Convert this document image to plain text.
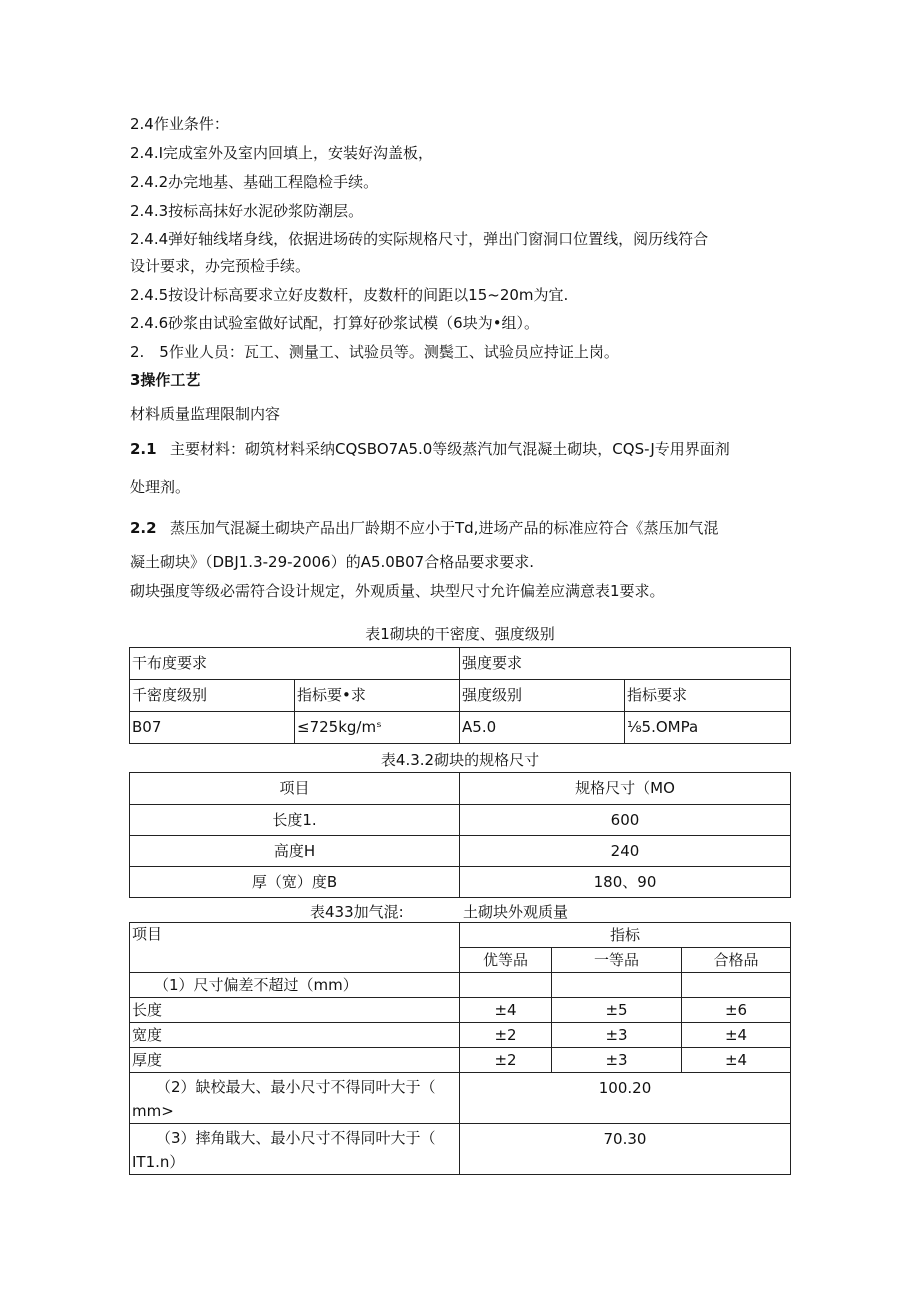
2.4作业条件：
2.4.I完成室外及室内回填上，安装好沟盖板，
2.4.2办完地基、基础工程隐检手续。
2.4.3按标高抹好水泥砂浆防潮层。
2.4.4弹好轴线堵身线，依据进场砖的实际规格尺寸，弹出门窗洞口位置线，阅历线符合
设计要求，办完预检手续。
2.4.5按设计标高要求立好皮数杆，皮数杆的间距以15~20m为宜.
2.4.6砂浆由试验室做好试配，打算好砂浆试模（6块为•组）。
2.　5作业人员：瓦工、测量工、试验员等。测鬓工、试验员应持证上岗。
3操作工艺
材料质量监理限制内容
2.1 主要材料：砌筑材料采纳CQSBO7A5.0等级蒸汽加气混凝土砌块，CQS-J专用界面剂
处理剂。
2.2 蒸压加气混凝土砌块产品出厂龄期不应小于Td,进场产品的标准应符合《蒸压加气混
凝土砌块》（DBJ1.3-29-2006）的A5.0B07合格品要求要求.
砌块强度等级必需符合设计规定，外观质量、块型尺寸允许偏差应满意表1要求。
表1砌块的干密度、强度级别
干布度要求		强度要求	
千密度级别	指标要•求	强度级别	指标要求
B07	≤725kg∕mˢ	A5.0	⅛5.OMPa
表4.3.2砌块的规格尺寸
项目	规格尺寸（MO
长度1.	600
高度H	240
厚（宽）度B	180、90
表433加气混:	土砌块外观质量
项目	指标		
	优等品	一等品	合格品
（1）尺寸偏差不超过（mm）			
长度	±4	±5	±6
宽度	±2	±3	±4
厚度	±2	±3	±4

（2）缺校最大、最小尺寸不得同叶大于（
mm>	100.20		

（3）摔角戢大、最小尺寸不得同叶大于（
IT1.n）	70.30		
